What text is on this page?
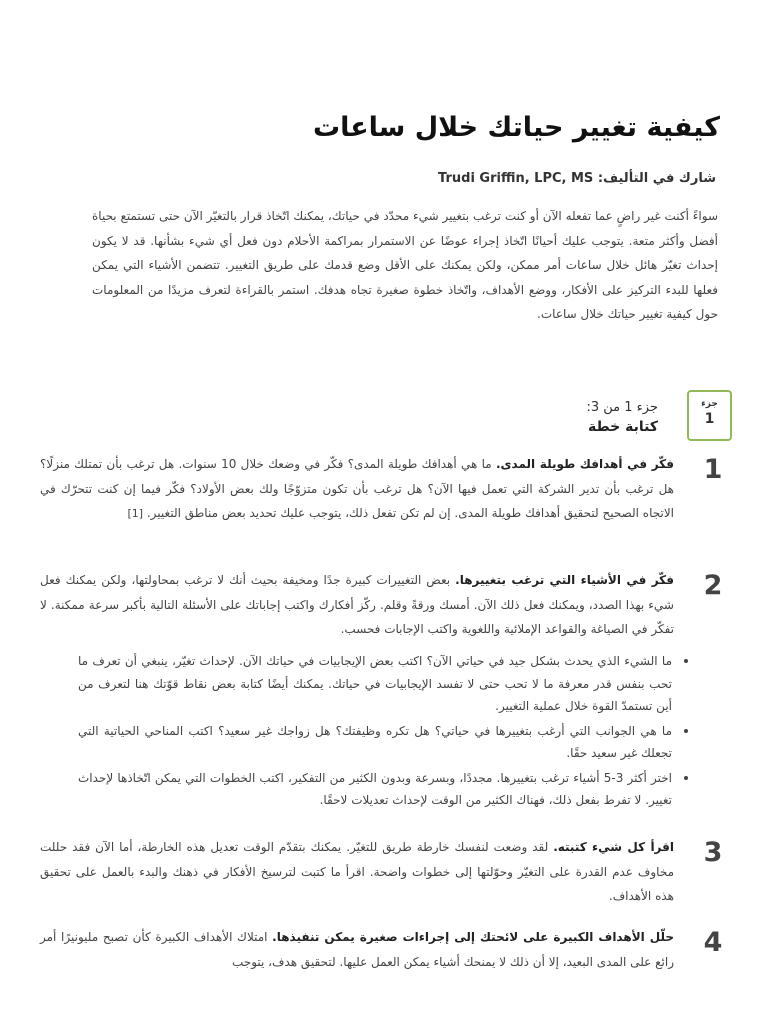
كيفية تغيير حياتك خلال ساعات
شارك في التأليف: Trudi Griffin, LPC, MS

سواءً أكنت غير راضٍ عما تفعله الآن أو كنت ترغب بتغيير شيء محدّد في حياتك، يمكنك اتّخاذ قرار بالتغيّر الآن حتى تستمتع بحياة أفضل وأكثر متعة. يتوجب عليك أحيانًا اتّخاذ إجراء عوضًا عن الاستمرار بمراكمة الأحلام دون فعل أي شيء بشأنها. قد لا يكون إحداث تغيّر هائل خلال ساعات أمر ممكن، ولكن يمكنك على الأقل وضع قدمك على طريق التغيير. تتضمن الأشياء التي يمكن فعلها للبدء التركيز على الأفكار، ووضع الأهداف، واتّخاذ خطوة صغيرة تجاه هدفك. استمر بالقراءة لتعرف مزيدًا من المعلومات حول كيفية تغيير حياتك خلال ساعات.

جزء
1
جزء 1 من 3:
كتابة خطة
1

فكّر في أهدافك طويلة المدى. ما هي أهدافك طويلة المدى؟ فكّر في وضعك خلال 10 سنوات. هل ترغب بأن تمتلك منزلًا؟ هل ترغب بأن تدير الشركة التي تعمل فيها الآن؟ هل ترغب بأن تكون متزوّجًا ولك بعض الأولاد؟ فكّر فيما إن كنت تتحرّك في الاتجاه الصحيح لتحقيق أهدافك طويلة المدى. إن لم تكن تفعل ذلك، يتوجب عليك تحديد بعض مناطق التغيير. [1]

2

فكّر في الأشياء التي ترغب بتغييرها. بعض التغييرات كبيرة جدًا ومخيفة بحيث أنك لا ترغب بمحاولتها، ولكن يمكنك فعل شيء بهذا الصدد، ويمكنك فعل ذلك الآن. أمسك ورقةً وقلم. ركّز أفكارك واكتب إجاباتك على الأسئلة التالية بأكبر سرعة ممكنة. لا تفكّر في الصياغة والقواعد الإملائية واللغوية واكتب الإجابات فحسب.

ما الشيء الذي يحدث بشكل جيد في حياتي الآن؟ اكتب بعض الإيجابيات في حياتك الآن. لإحداث تغيّر، ينبغي أن تعرف ما تحب بنفس قدر معرفة ما لا تحب حتى لا تفسد الإيجابيات في حياتك. يمكنك أيضًا كتابة بعض نقاط قوّتك هنا لتعرف من أين تستمدّ القوة خلال عملية التغيير.
ما هي الجوانب التي أرغب بتغييرها في حياتي؟ هل تكره وظيفتك؟ هل زواجك غير سعيد؟ اكتب المناحي الحياتية التي تجعلك غير سعيد حقًا.
اختر أكثر 3-5 أشياء ترغب بتغييرها. مجددًا، وبسرعة وبدون الكثير من التفكير، اكتب الخطوات التي يمكن اتّخاذها لإحداث تغيير. لا تفرط بفعل ذلك، فهناك الكثير من الوقت لإحداث تعديلات لاحقًا.
3

اقرأ كل شيء كتبته. لقد وضعت لنفسك خارطة طريق للتغيّر. يمكنك بتقدّم الوقت تعديل هذه الخارطة، أما الآن فقد حللت مخاوف عدم القدرة على التغيّر وحوّلتها إلى خطوات واضحة. اقرأ ما كتبت لترسيخ الأفكار في ذهنك والبدء بالعمل على تحقيق هذه الأهداف.

4

حلّل الأهداف الكبيرة على لائحتك إلى إجراءات صغيرة يمكن تنفيذها. امتلاك الأهداف الكبيرة كأن تصبح مليونيرًا أمر رائع على المدى البعيد، إلا أن ذلك لا يمنحك أشياء يمكن العمل عليها. لتحقيق هدف، يتوجب
